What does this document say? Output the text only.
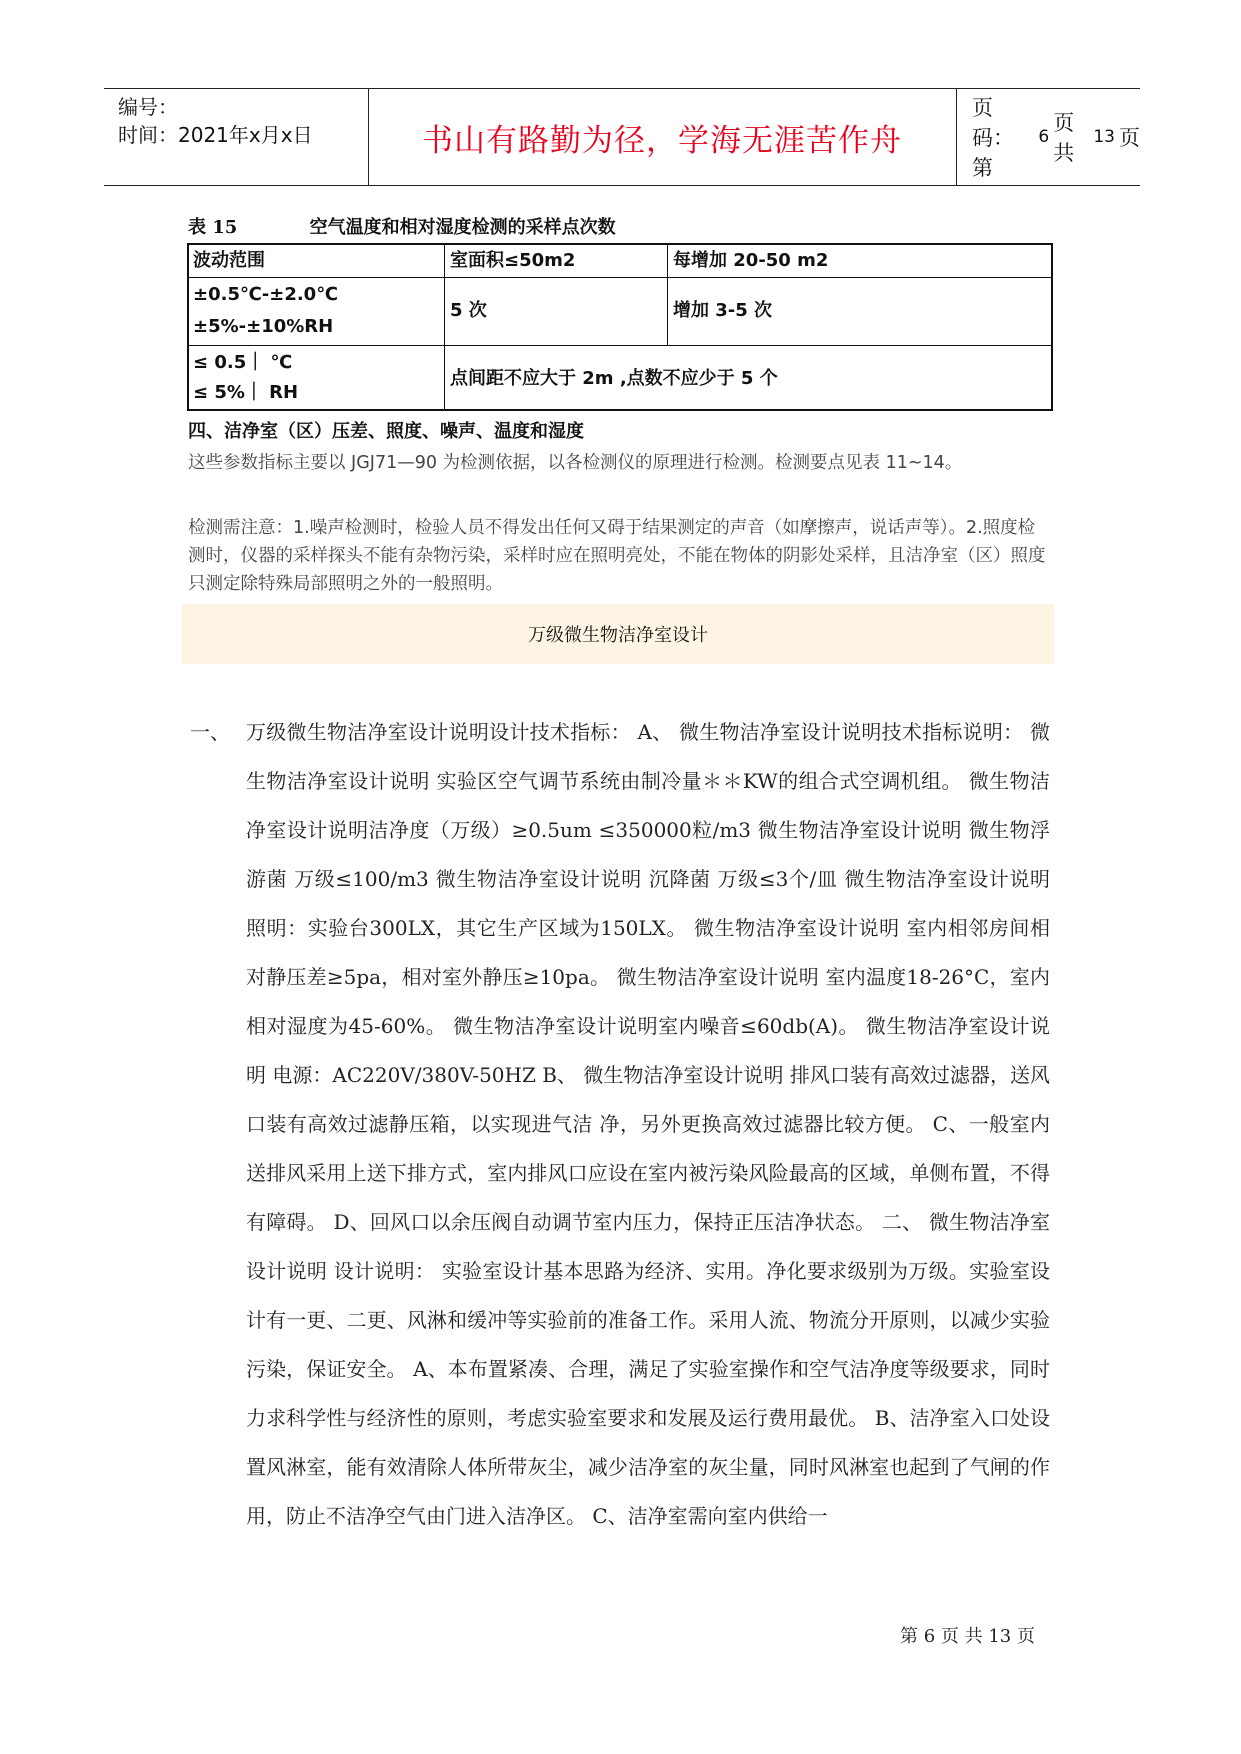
编号：
时间：2021年x月x日	书山有路勤为径，学海无涯苦作舟
页码：第
6
页 共
13 页
表 15	空气温度和相对湿度检测的采样点次数
波动范围	室面积≤50m2	每增加 20-50 m2
±0.5℃-±2.0℃
±5%-±10%RH
5 次	增加 3-5 次
≤ 0.5｜ ℃
≤ 5%｜ RH
点间距不应大于 2m ,点数不应少于 5 个
四、洁净室（区）压差、照度、噪声、温度和湿度
这些参数指标主要以 JGJ71—90 为检测依据，以各检测仪的原理进行检测。检测要点见表 11~14。
检测需注意：1.噪声检测时，检验人员不得发出任何又碍于结果测定的声音（如摩擦声，说话声等）。2.照度检测时，仪器的采样探头不能有杂物污染，采样时应在照明亮处，不能在物体的阴影处采样，且洁净室（区）照度只测定除特殊局部照明之外的一般照明。
万级微生物洁净室设计
一、 万级微生物洁净室设计说明设计技术指标： A、 微生物洁净室设计说明技术指标说明： 微生物洁净室设计说明 实验区空气调节系统由制冷量＊＊KW的组合式空调机组。 微生物洁净室设计说明洁净度（万级）≥0.5um ≤350000粒/m3 微生物洁净室设计说明 微生物浮游菌 万级≤100/m3 微生物洁净室设计说明 沉降菌 万级≤3个/皿 微生物洁净室设计说明 照明：实验台300LX，其它生产区域为150LX。 微生物洁净室设计说明 室内相邻房间相对静压差≥5pa，相对室外静压≥10pa。 微生物洁净室设计说明 室内温度18-26°C，室内相对湿度为45-60%。 微生物洁净室设计说明室内噪音≤60db(A)。 微生物洁净室设计说明 电源：AC220V/380V-50HZ B、 微生物洁净室设计说明 排风口装有高效过滤器，送风口装有高效过滤静压箱，以实现进气洁 净，另外更换高效过滤器比较方便。 C、一般室内送排风采用上送下排方式，室内排风口应设在室内被污染风险最高的区域，单侧布置，不得有障碍。 D、回风口以余压阀自动调节室内压力，保持正压洁净状态。 二、 微生物洁净室设计说明 设计说明： 实验室设计基本思路为经济、实用。净化要求级别为万级。实验室设计有一更、二更、风淋和缓冲等实验前的准备工作。采用人流、物流分开原则，以减少实验污染，保证安全。 A、本布置紧凑、合理，满足了实验室操作和空气洁净度等级要求，同时力求科学性与经济性的原则，考虑实验室要求和发展及运行费用最优。 B、洁净室入口处设置风淋室，能有效清除人体所带灰尘，减少洁净室的灰尘量，同时风淋室也起到了气闸的作用，防止不洁净空气由门进入洁净区。 C、洁净室需向室内供给一
第 6 页 共 13 页
